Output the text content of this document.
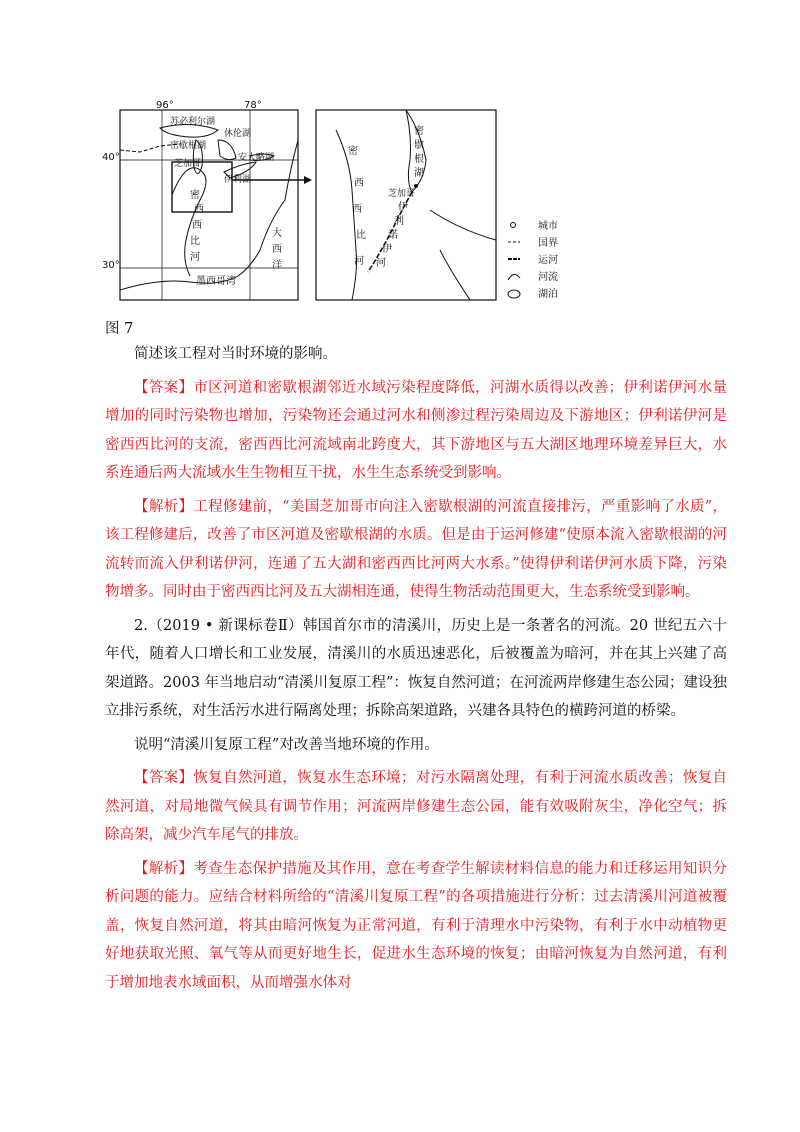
96°	78°
40°
30°
苏必利尔湖
休伦湖
密歇根湖
安大略湖
伊利湖
芝加哥
密
西
西
比
河
大
西
洋
墨西哥湾
密
歇
根
湖
芝加哥
密
西
西
比
河
伊
利
诺
伊
河
城市
国界
运河
河流
湖泊
图 7

简述该工程对当时环境的影响。

【答案】市区河道和密歇根湖邻近水域污染程度降低，河湖水质得以改善；伊利诺伊河水量增加的同时污染物也增加，污染物还会通过河水和侧渗过程污染周边及下游地区；伊利诺伊河是密西西比河的支流，密西西比河流域南北跨度大，其下游地区与五大湖区地理环境差异巨大，水系连通后两大流域水生生物相互干扰，水生生态系统受到影响。

【解析】工程修建前，“美国芝加哥市向注入密歇根湖的河流直接排污，严重影响了水质”，该工程修建后，改善了市区河道及密歇根湖的水质。但是由于运河修建“使原本流入密歇根湖的河流转而流入伊利诺伊河，连通了五大湖和密西西比河两大水系。”使得伊利诺伊河水质下降，污染物增多。同时由于密西西比河及五大湖相连通，使得生物活动范围更大，生态系统受到影响。

2.（2019 • 新课标卷Ⅱ）韩国首尔市的清溪川，历史上是一条著名的河流。20 世纪五六十年代，随着人口增长和工业发展，清溪川的水质迅速恶化，后被覆盖为暗河，并在其上兴建了高架道路。2003 年当地启动“清溪川复原工程”：恢复自然河道；在河流两岸修建生态公园；建设独立排污系统，对生活污水进行隔离处理；拆除高架道路，兴建各具特色的横跨河道的桥梁。

说明“清溪川复原工程”对改善当地环境的作用。

【答案】恢复自然河道，恢复水生态环境；对污水隔离处理，有利于河流水质改善；恢复自然河道，对局地微气候具有调节作用；河流两岸修建生态公园，能有效吸附灰尘，净化空气；拆除高架，减少汽车尾气的排放。

【解析】考查生态保护措施及其作用，意在考查学生解读材料信息的能力和迁移运用知识分析问题的能力。应结合材料所给的“清溪川复原工程”的各项措施进行分析：过去清溪川河道被覆盖，恢复自然河道，将其由暗河恢复为正常河道，有利于清理水中污染物，有利于水中动植物更好地获取光照、氧气等从而更好地生长，促进水生态环境的恢复；由暗河恢复为自然河道，有利于增加地表水域面积，从而增强水体对
